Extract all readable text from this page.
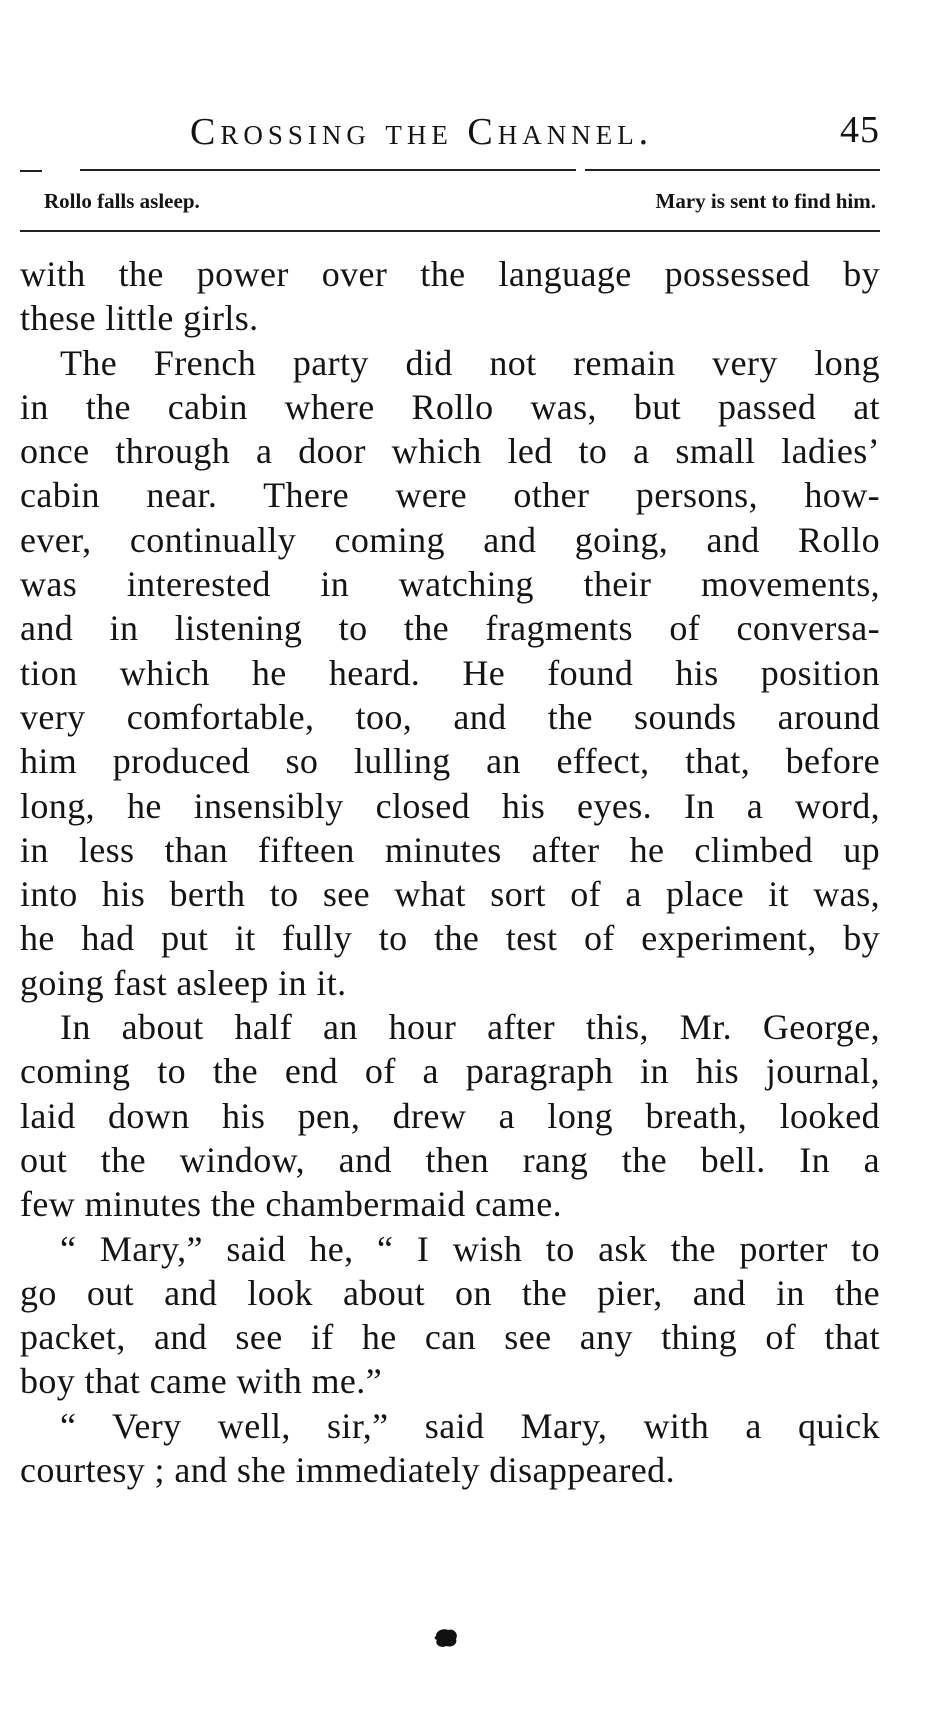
Crossing the Channel.	45
Rollo falls asleep.	Mary is sent to find him.
with the power over the language possessed by
these little girls.
The French party did not remain very long
in the cabin where Rollo was, but passed at
once through a door which led to a small ladies’
cabin near. There were other persons, how-
ever, continually coming and going, and Rollo
was interested in watching their movements,
and in listening to the fragments of conversa-
tion which he heard. He found his position
very comfortable, too, and the sounds around
him produced so lulling an effect, that, before
long, he insensibly closed his eyes. In a word,
in less than fifteen minutes after he climbed up
into his berth to see what sort of a place it was,
he had put it fully to the test of experiment, by
going fast asleep in it.
In about half an hour after this, Mr. George,
coming to the end of a paragraph in his journal,
laid down his pen, drew a long breath, looked
out the window, and then rang the bell. In a
few minutes the chambermaid came.
“ Mary,” said he, “ I wish to ask the porter to
go out and look about on the pier, and in the
packet, and see if he can see any thing of that
boy that came with me.”
“ Very well, sir,” said Mary, with a quick
courtesy ; and she immediately disappeared.
